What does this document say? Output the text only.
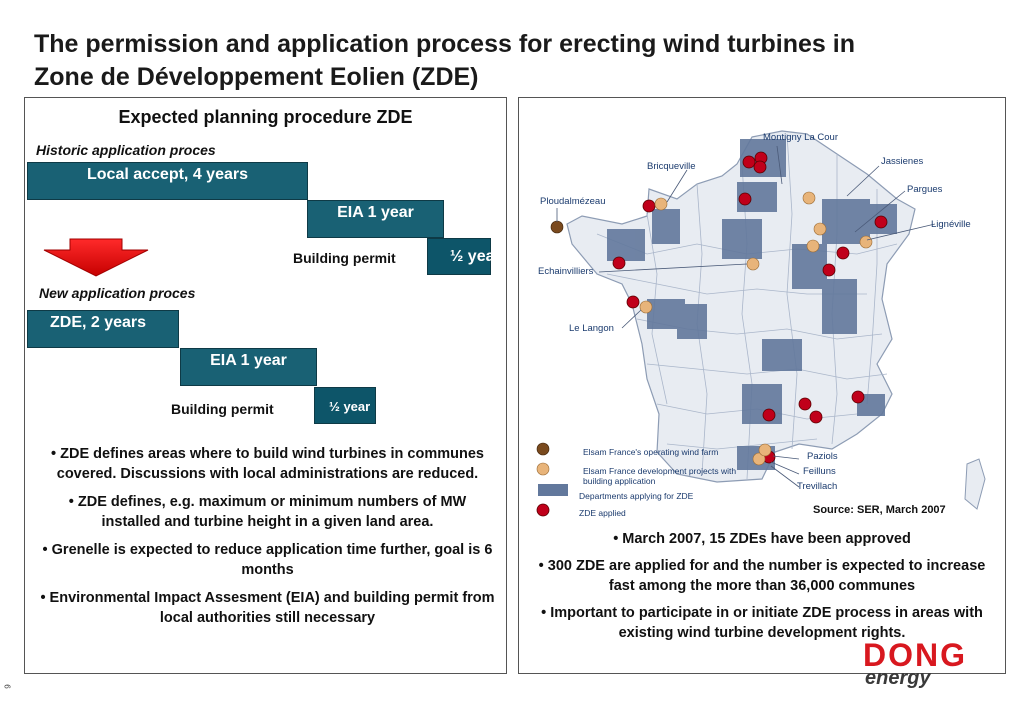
The permission and application process for erecting wind turbines in
Zone de Développement Eolien (ZDE)
Expected planning procedure ZDE
Historic application proces
Local accept, 4 years
EIA 1 year
½ year
Building permit
New application proces
ZDE, 2 years
EIA 1 year
½ year
Building permit
• ZDE defines areas where to build wind turbines in communes covered. Discussions with local administrations are reduced.
• ZDE defines, e.g. maximum or minimum numbers of MW installed and turbine height in a given land area.
• Grenelle is expected to reduce application time further, goal is 6 months
• Environmental Impact Assesment (EIA) and building permit from local authorities still necessary
Montigny La Cour
Jassienes
Bricqueville
Pargues
Ploudalmézeau
Lignéville
Echainvilliers
Le Langon
Paziols
Feilluns
Trevillach
Elsam France's operating wind farm
Elsam France development projects with building application
Departments applying for ZDE
ZDE applied	Source: SER, March 2007
• March 2007, 15 ZDEs have been approved
• 300 ZDE are applied for and the number is expected to increase fast among the more than 36,000 communes
• Important to participate in or initiate ZDE process in areas with existing wind turbine development rights.
DONG
energy
9
